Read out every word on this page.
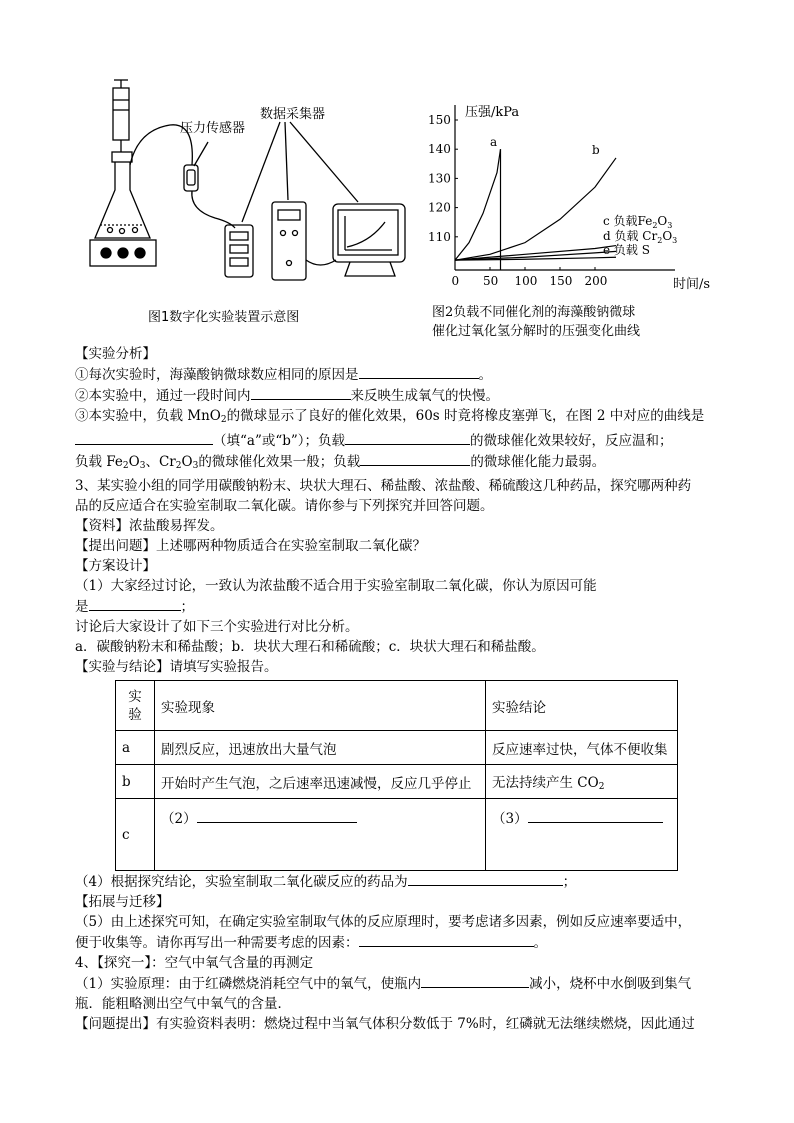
压力传感器
数据采集器
图1数字化实验装置示意图
压强/kPa
时间/s
0 50 100 150 200
110
120
130
140
150
a
b
c 负载$Fe_2O_3$
d 负载 $Cr_2O_3$
e 负载 S
图2负载不同催化剂的海藻酸钠微球
催化过氧化氢分解时的压强变化曲线

【实验分析】

①每次实验时，海藻酸钠微球数应相同的原因是	。

②本实验中，通过一段时间内	来反映生成氧气的快慢。

③本实验中，负载 MnO$_2$的微球显示了良好的催化效果，60s 时竟将橡皮塞弹飞，在图 2 中对应的曲线是

（填“a”或“b”）；负载	的微球催化效果较好，反应温和；

负载 $Fe_2O_3$、$Cr_2O_3$的微球催化效果一般；负载	的微球催化能力最弱。

3、某实验小组的同学用碳酸钠粉末、块状大理石、稀盐酸、浓盐酸、稀硫酸这几种药品，探究哪两种药

品的反应适合在实验室制取二氧化碳。请你参与下列探究并回答问题。

【资料】浓盐酸易挥发。

【提出问题】上述哪两种物质适合在实验室制取二氧化碳？

【方案设计】

（1）大家经过讨论，一致认为浓盐酸不适合用于实验室制取二氧化碳，你认为原因可能

是	；

讨论后大家设计了如下三个实验进行对比分析。

a．碳酸钠粉末和稀盐酸；b．块状大理石和稀硫酸；c．块状大理石和稀盐酸。

【实验与结论】请填写实验报告。

实
验	实验现象	实验结论
a	剧烈反应，迅速放出大量气泡	反应速率过快，气体不便收集
b	开始时产生气泡，之后速率迅速减慢，反应几乎停止	无法持续产生 $CO_2$
c	（2）	（3）

（4）根据探究结论，实验室制取二氧化碳反应的药品为	；

【拓展与迁移】

（5）由上述探究可知，在确定实验室制取气体的反应原理时，要考虑诸多因素，例如反应速率要适中，

便于收集等。请你再写出一种需要考虑的因素：	。

4、【探究一】：空气中氧气含量的再测定

（1）实验原理：由于红磷燃烧消耗空气中的氧气，使瓶内	减小，烧杯中水倒吸到集气

瓶．能粗略测出空气中氧气的含量．

【问题提出】有实验资料表明：燃烧过程中当氧气体积分数低于 7%时，红磷就无法继续燃烧，因此通过
